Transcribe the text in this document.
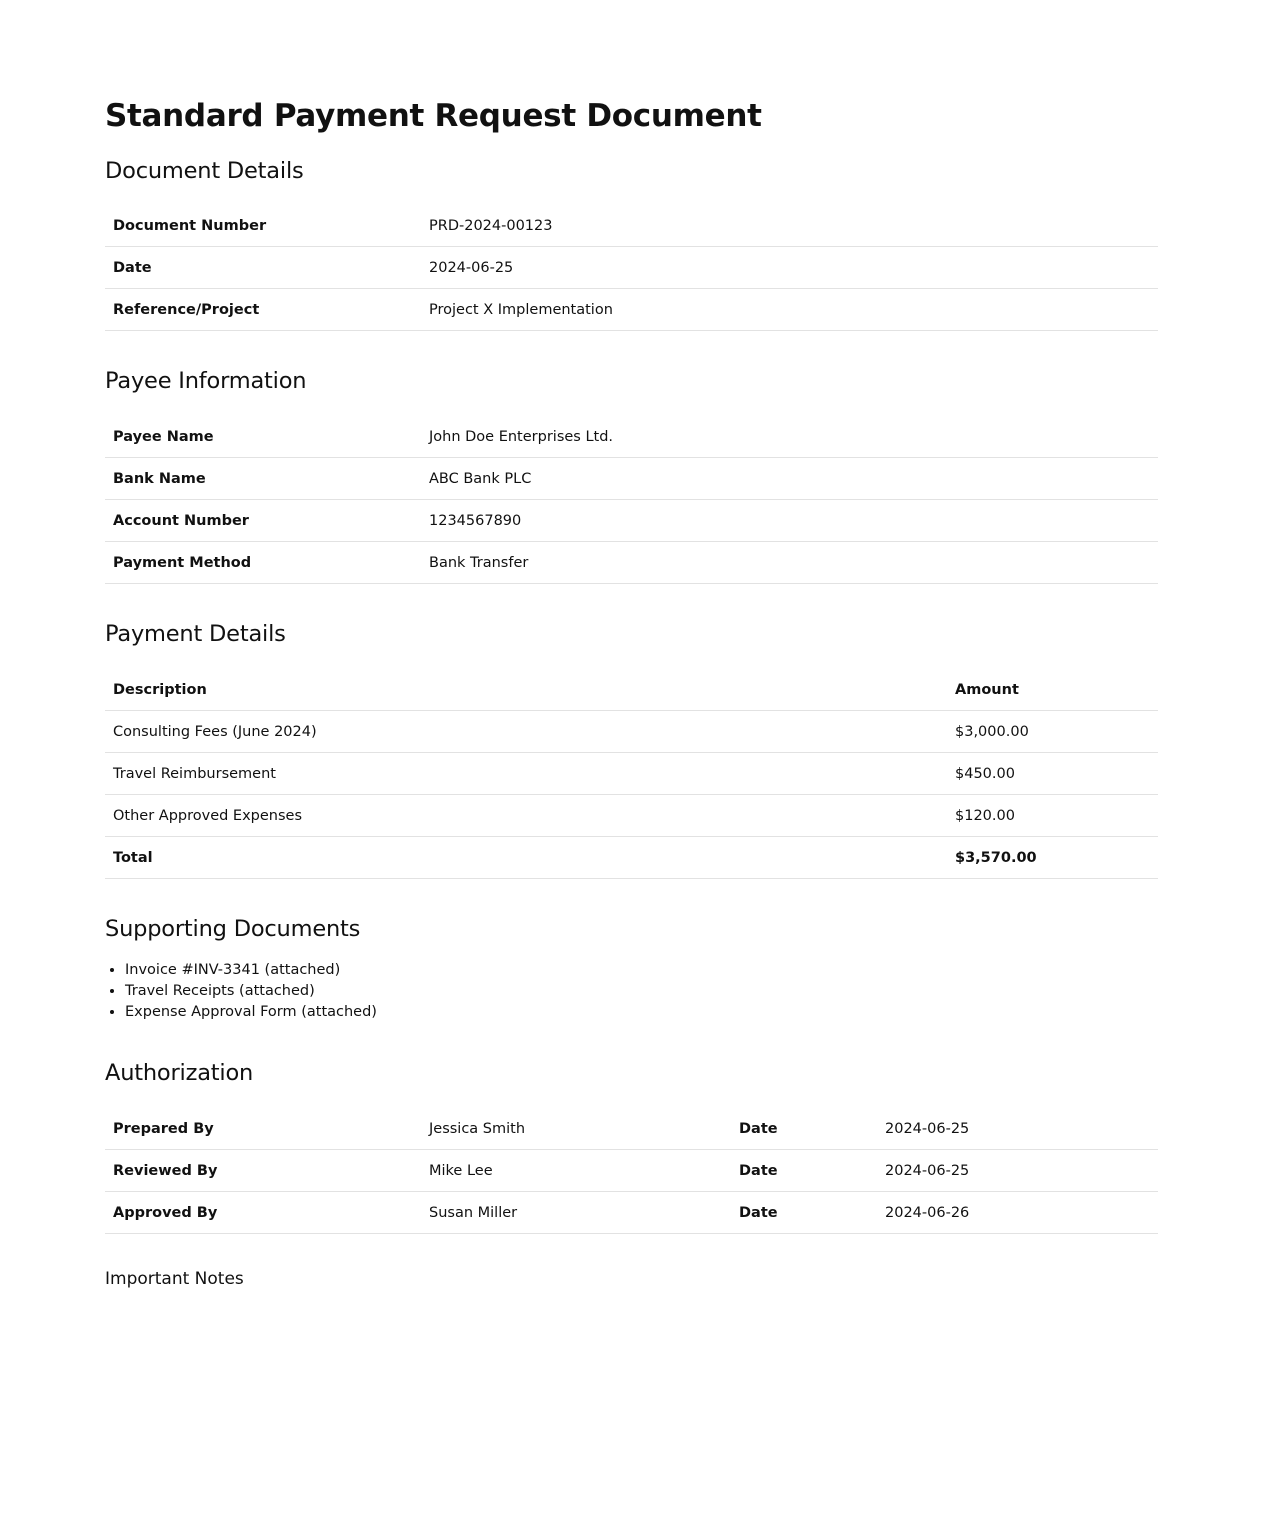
Standard Payment Request Document
Document Details
Document Number	PRD-2024-00123
Date	2024-06-25
Reference/Project	Project X Implementation
Payee Information
Payee Name	John Doe Enterprises Ltd.
Bank Name	ABC Bank PLC
Account Number	1234567890
Payment Method	Bank Transfer
Payment Details
Description	Amount
Consulting Fees (June 2024)	$3,000.00
Travel Reimbursement	$450.00
Other Approved Expenses	$120.00
Total	$3,570.00
Supporting Documents
• Invoice #INV-3341 (attached)
• Travel Receipts (attached)
• Expense Approval Form (attached)
Authorization
Prepared By	Jessica Smith	Date	2024-06-25
Reviewed By	Mike Lee	Date	2024-06-25
Approved By	Susan Miller	Date	2024-06-26
Important Notes
